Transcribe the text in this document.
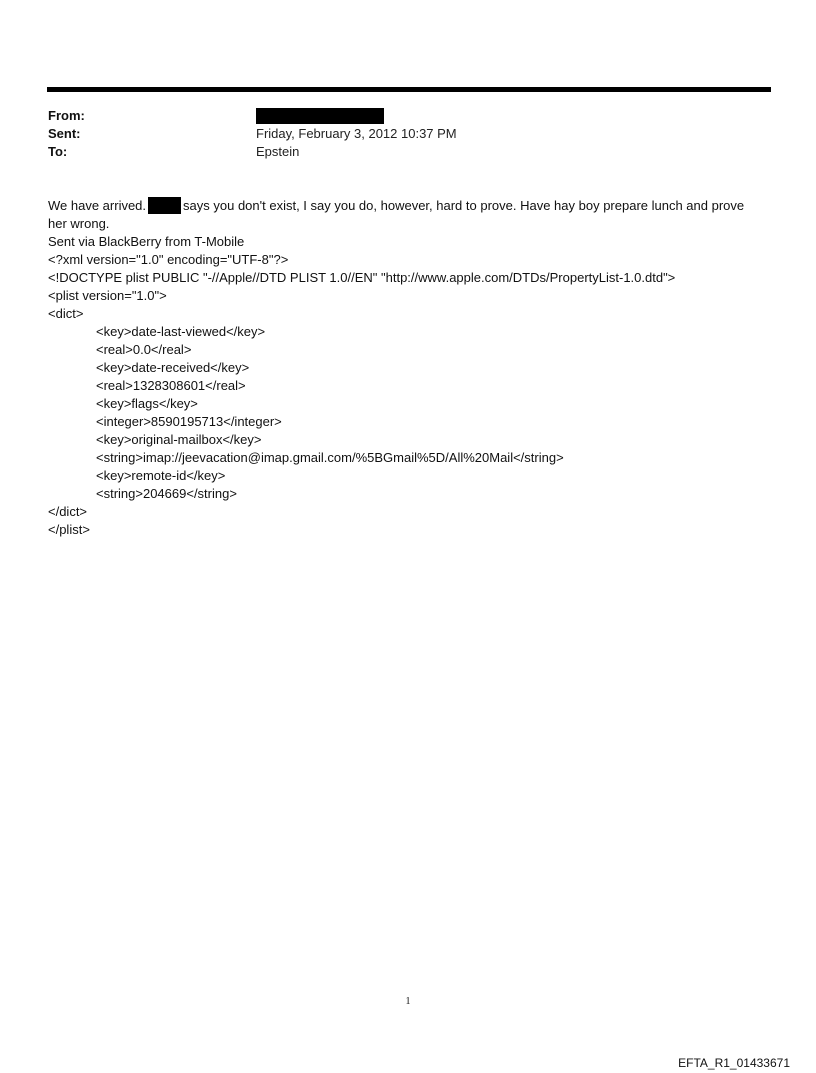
From:
Sent:	Friday, February 3, 2012 10:37 PM
To:	Epstein

We have arrived.	says you don't exist, I say you do, however, hard to prove. Have hay boy prepare lunch and prove

her wrong.

Sent via BlackBerry from T-Mobile

<?xml version="1.0" encoding="UTF-8"?>

<!DOCTYPE plist PUBLIC "-//Apple//DTD PLIST 1.0//EN" "http://www.apple.com/DTDs/PropertyList-1.0.dtd">

<plist version="1.0">

<dict>

<key>date-last-viewed</key>

<real>0.0</real>

<key>date-received</key>

<real>1328308601</real>

<key>flags</key>

<integer>8590195713</integer>

<key>original-mailbox</key>

<string>imap://jeevacation@imap.gmail.com/%5BGmail%5D/All%20Mail</string>

<key>remote-id</key>

<string>204669</string>

</dict>

</plist>

1
EFTA_R1_01433671
